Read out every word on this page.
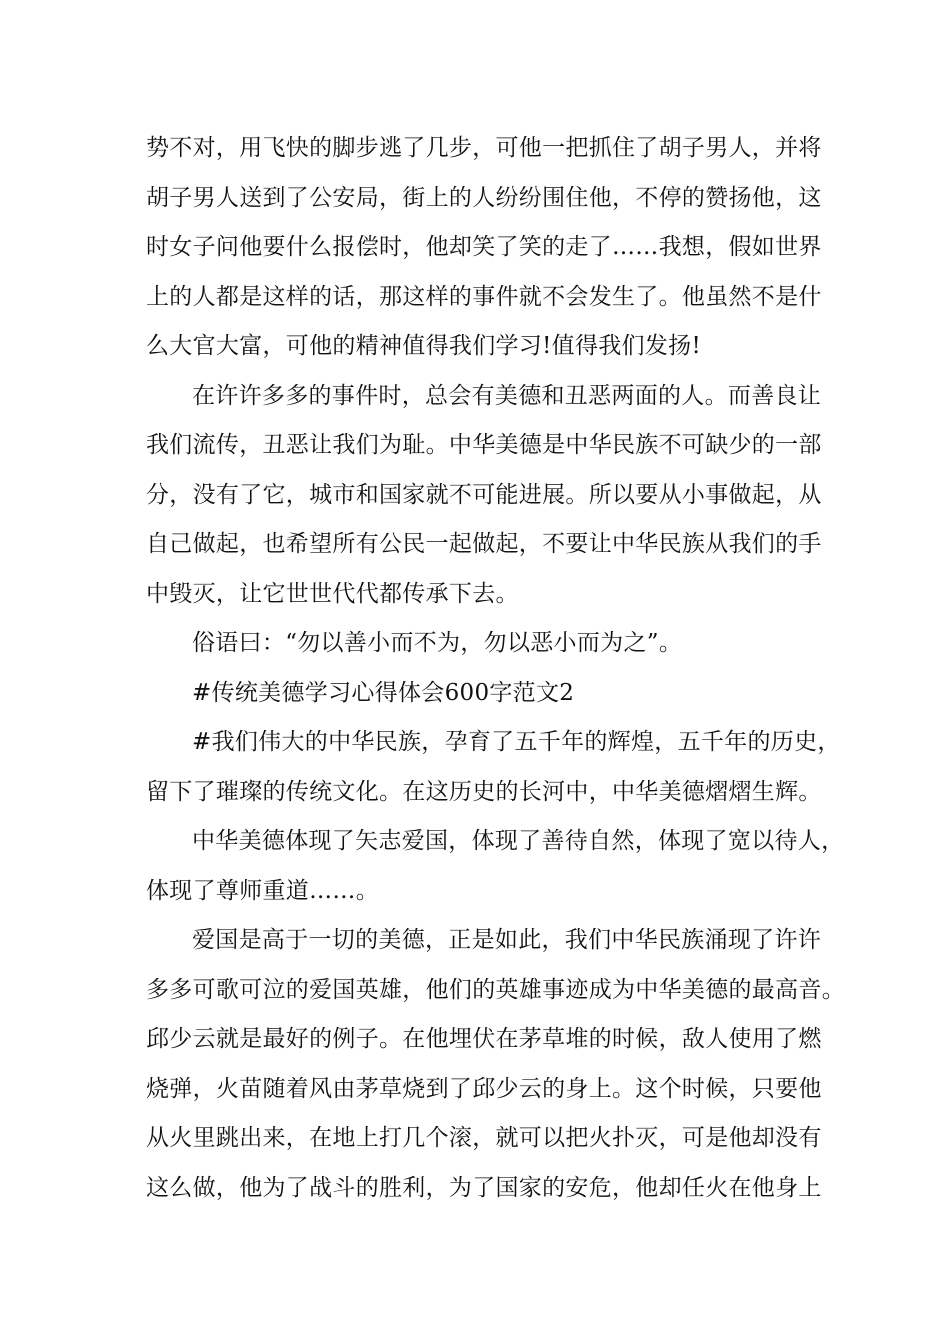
势不对，用飞快的脚步逃了几步，可他一把抓住了胡子男人，并将
胡子男人送到了公安局，街上的人纷纷围住他，不停的赞扬他，这
时女子问他要什么报偿时，他却笑了笑的走了……我想，假如世界
上的人都是这样的话，那这样的事件就不会发生了。他虽然不是什
么大官大富，可他的精神值得我们学习!值得我们发扬!
在许许多多的事件时，总会有美德和丑恶两面的人。而善良让
我们流传，丑恶让我们为耻。中华美德是中华民族不可缺少的一部
分，没有了它，城市和国家就不可能进展。所以要从小事做起，从
自己做起，也希望所有公民一起做起，不要让中华民族从我们的手
中毁灭，让它世世代代都传承下去。
俗语曰：“勿以善小而不为，勿以恶小而为之”。
#传统美德学习心得体会600字范文2
#我们伟大的中华民族，孕育了五千年的辉煌，五千年的历史，
留下了璀璨的传统文化。在这历史的长河中，中华美德熠熠生辉。
中华美德体现了矢志爱国，体现了善待自然，体现了宽以待人，
体现了尊师重道……。
爱国是高于一切的美德，正是如此，我们中华民族涌现了许许
多多可歌可泣的爱国英雄，他们的英雄事迹成为中华美德的最高音。
邱少云就是最好的例子。在他埋伏在茅草堆的时候，敌人使用了燃
烧弹，火苗随着风由茅草烧到了邱少云的身上。这个时候，只要他
从火里跳出来，在地上打几个滚，就可以把火扑灭，可是他却没有
这么做，他为了战斗的胜利，为了国家的安危，他却任火在他身上
